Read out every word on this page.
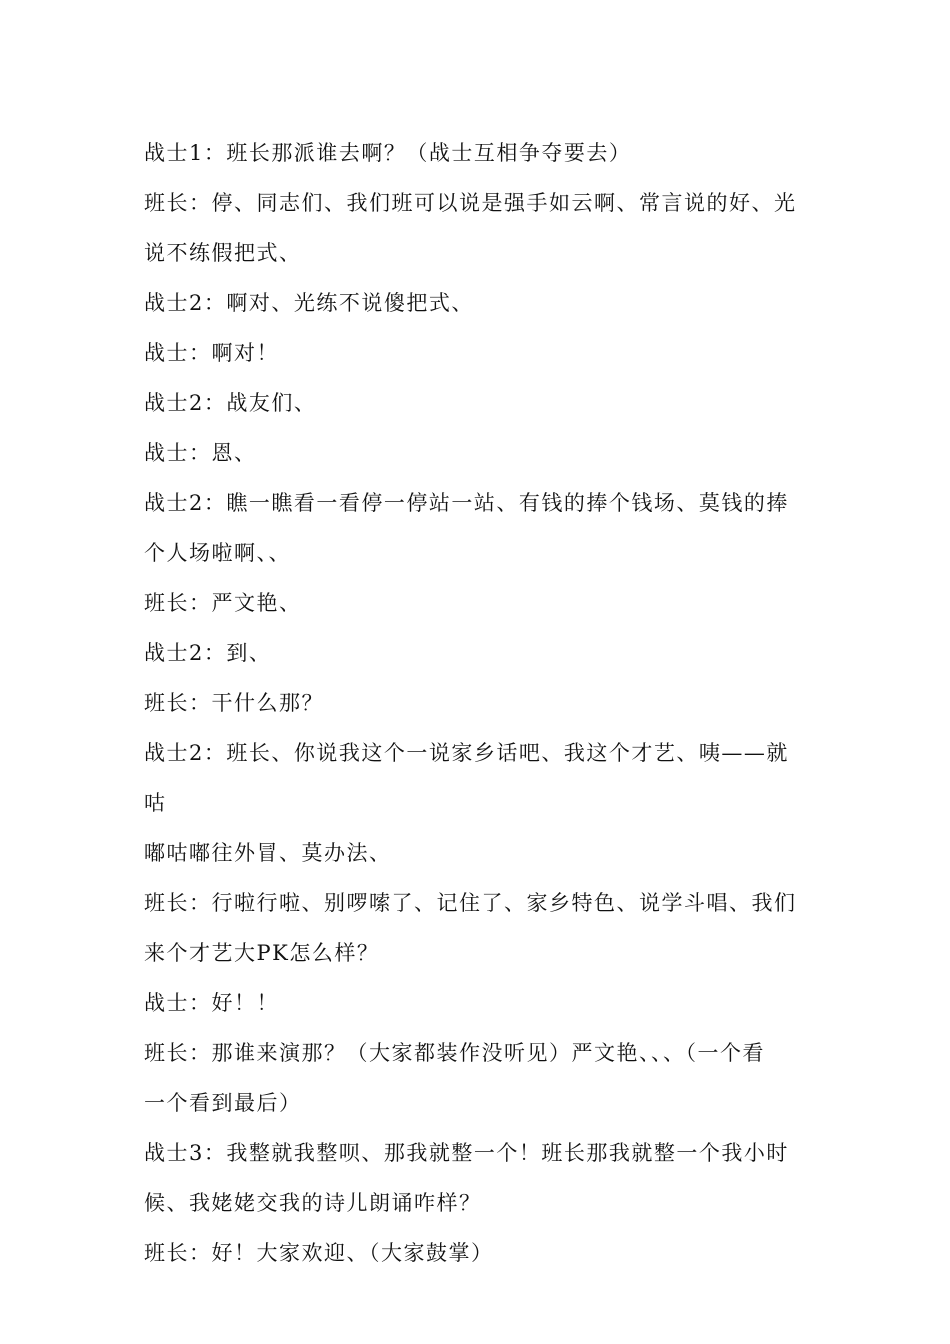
战士1：班长那派谁去啊？（战士互相争夺要去）

班长：停、同志们、我们班可以说是强手如云啊、常言说的好、光

说不练假把式、

战士2：啊对、光练不说傻把式、

战士：啊对！

战士2：战友们、

战士：恩、

战士2：瞧一瞧看一看停一停站一站、有钱的捧个钱场、莫钱的捧

个人场啦啊、、

班长：严文艳、

战士2：到、

班长：干什么那？

战士2：班长、你说我这个一说家乡话吧、我这个才艺、咦——就咕

嘟咕嘟往外冒、莫办法、

班长：行啦行啦、别啰嗦了、记住了、家乡特色、说学斗唱、我们

来个才艺大PK怎么样？

战士：好！！

班长：那谁来演那？（大家都装作没听见）严文艳、、、（一个看

一个看到最后）

战士3：我整就我整呗、那我就整一个！班长那我就整一个我小时

候、我姥姥交我的诗儿朗诵咋样？

班长：好！大家欢迎、（大家鼓掌）
